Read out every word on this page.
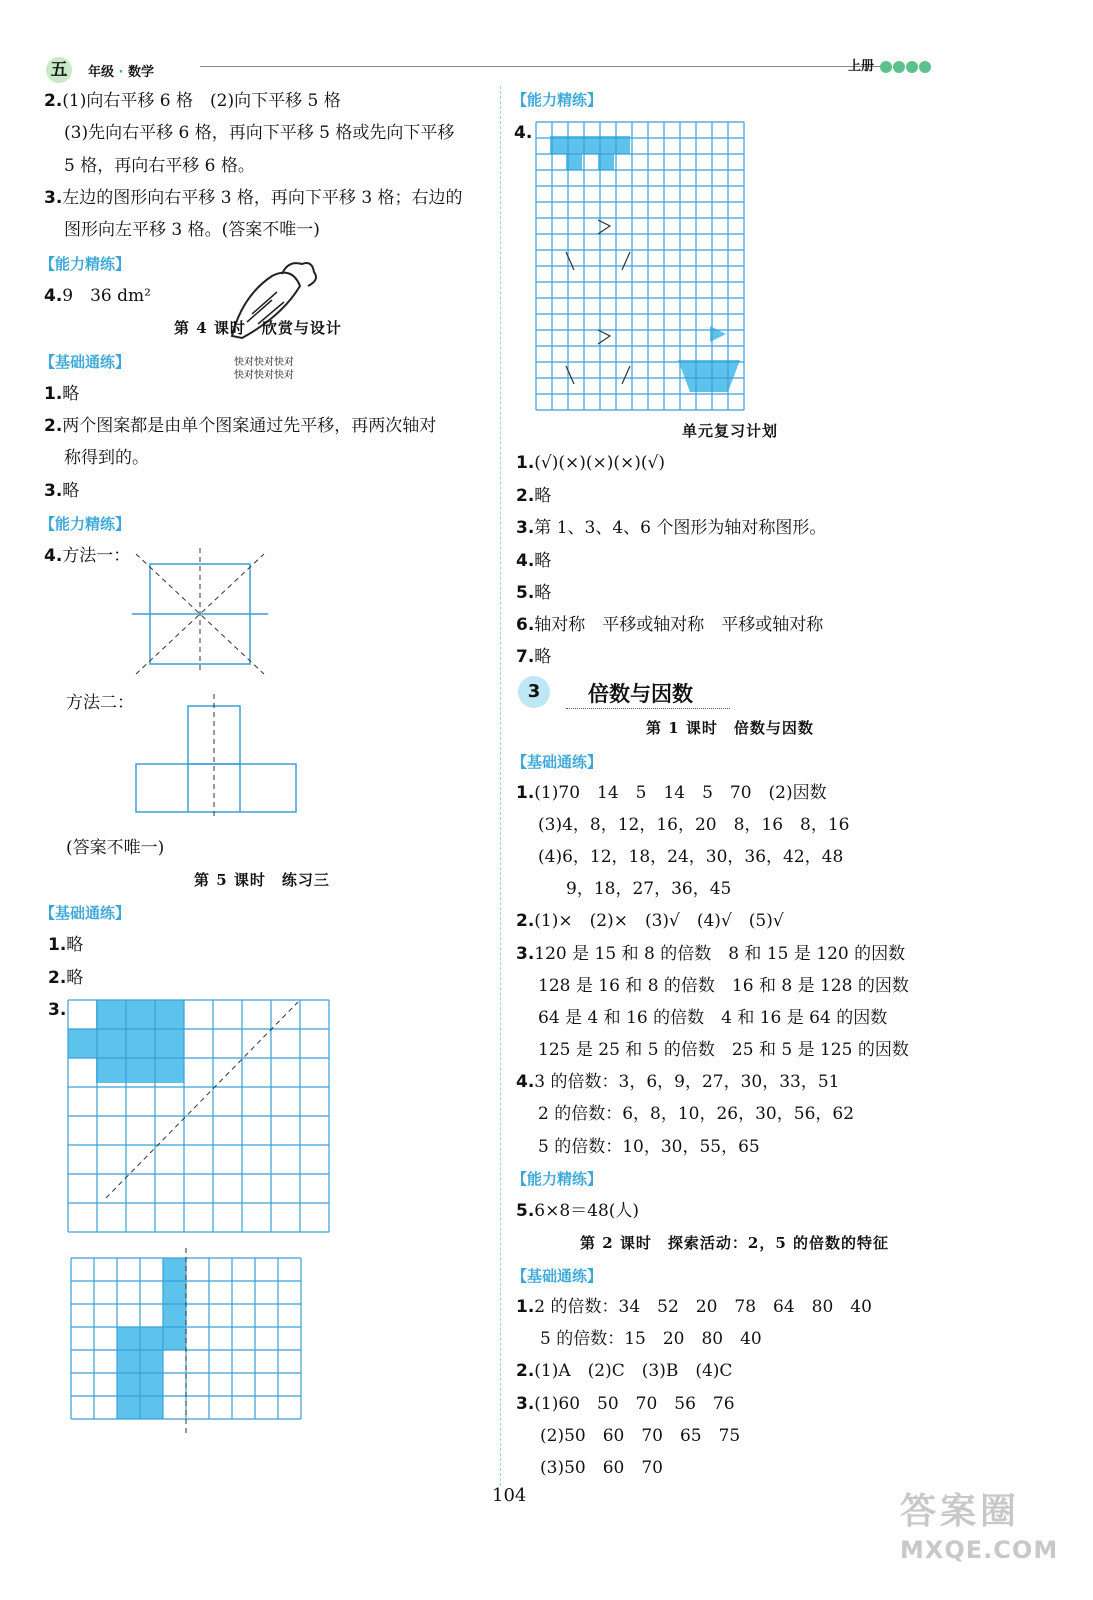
五	年级 · 数学	上册
2.(1)向右平移 6 格　(2)向下平移 5 格
(3)先向右平移 6 格，再向下平移 5 格或先向下平移
5 格，再向右平移 6 格。
3.左边的图形向右平移 3 格，再向下平移 3 格；右边的
图形向左平移 3 格。(答案不唯一)
【能力精练】
4.9　36 dm²
第 4 课时　欣赏与设计
快对快对快对
快对快对快对
【基础通练】
1.略
2.两个图案都是由单个图案通过先平移，再两次轴对
称得到的。
3.略
【能力精练】
4.方法一：
方法二：
(答案不唯一)
第 5 课时　练习三
【基础通练】
1.略
2.略
3.
【能力精练】
4.
单元复习计划
1.(√)(×)(×)(×)(√)
2.略
3.第 1、3、4、6 个图形为轴对称图形。
4.略
5.略
6.轴对称　平移或轴对称　平移或轴对称
7.略
3	倍数与因数
第 1 课时　倍数与因数
【基础通练】
1.(1)70　14　5　14　5　70　(2)因数
(3)4，8，12，16，20　8，16　8，16
(4)6，12，18，24，30，36，42，48
9，18，27，36，45
2.(1)×　(2)×　(3)√　(4)√　(5)√
3.120 是 15 和 8 的倍数　8 和 15 是 120 的因数
128 是 16 和 8 的倍数　16 和 8 是 128 的因数
64 是 4 和 16 的倍数　4 和 16 是 64 的因数
125 是 25 和 5 的倍数　25 和 5 是 125 的因数
4.3 的倍数：3，6，9，27，30，33，51
2 的倍数：6，8，10，26，30，56，62
5 的倍数：10，30，55，65
【能力精练】
5.6×8＝48(人)
第 2 课时　探索活动：2，5 的倍数的特征
【基础通练】
1.2 的倍数：34　52　20　78　64　80　40
5 的倍数：15　20　80　40
2.(1)A　(2)C　(3)B　(4)C
3.(1)60　50　70　56　76
(2)50　60　70　65　75
(3)50　60　70
104	答案圈
MXQE.COM
